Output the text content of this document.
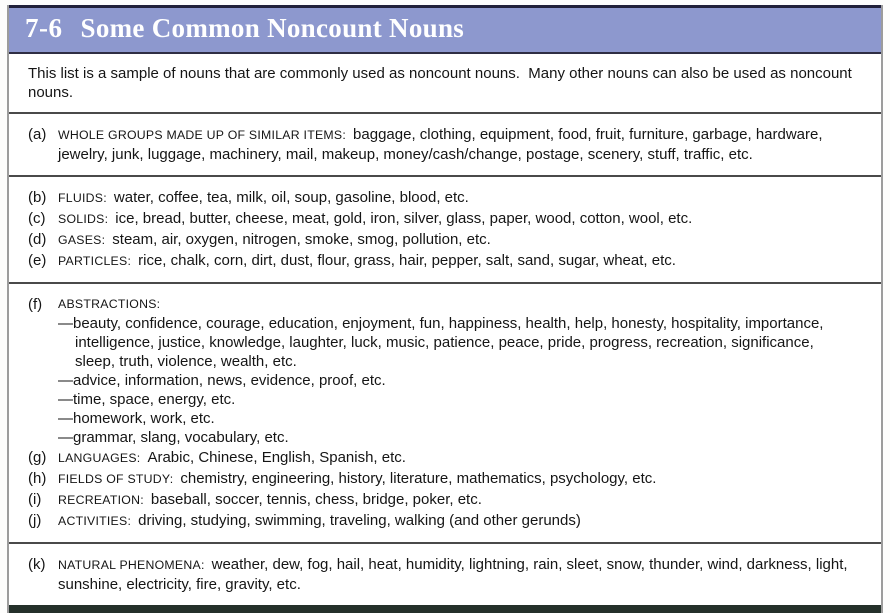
7-6 Some Common Noncount Nouns

This list is a sample of nouns that are commonly used as noncount nouns.  Many other nouns can also be used as noncount nouns.

(a) WHOLE GROUPS MADE UP OF SIMILAR ITEMS: baggage, clothing, equipment, food, fruit, furniture, garbage, hardware, jewelry, junk, luggage, machinery, mail, makeup, money/cash/change, postage, scenery, stuff, traffic, etc.
(b) FLUIDS: water, coffee, tea, milk, oil, soup, gasoline, blood, etc.
(c)	SOLIDS: ice, bread, butter, cheese, meat, gold, iron, silver, glass, paper, wood, cotton, wool, etc.
(d) GASES: steam, air, oxygen, nitrogen, smoke, smog, pollution, etc.
(e) PARTICLES: rice, chalk, corn, dirt, dust, flour, grass, hair, pepper, salt, sand, sugar, wheat, etc.
(f)	ABSTRACTIONS:
—beauty, confidence, courage, education, enjoyment, fun, happiness, health, help, honesty, hospitality, importance, intelligence, justice, knowledge, laughter, luck, music, patience, peace, pride, progress, recreation, significance, sleep, truth, violence, wealth, etc.
—advice, information, news, evidence, proof, etc.
—time, space, energy, etc.
—homework, work, etc.
—grammar, slang, vocabulary, etc.
(g) LANGUAGES: Arabic, Chinese, English, Spanish, etc.
(h) FIELDS OF STUDY: chemistry, engineering, history, literature, mathematics, psychology, etc.
(i)	RECREATION: baseball, soccer, tennis, chess, bridge, poker, etc.
(j)	ACTIVITIES: driving, studying, swimming, traveling, walking (and other gerunds)
(k)	NATURAL PHENOMENA: weather, dew, fog, hail, heat, humidity, lightning, rain, sleet, snow, thunder, wind, darkness, light, sunshine, electricity, fire, gravity, etc.
